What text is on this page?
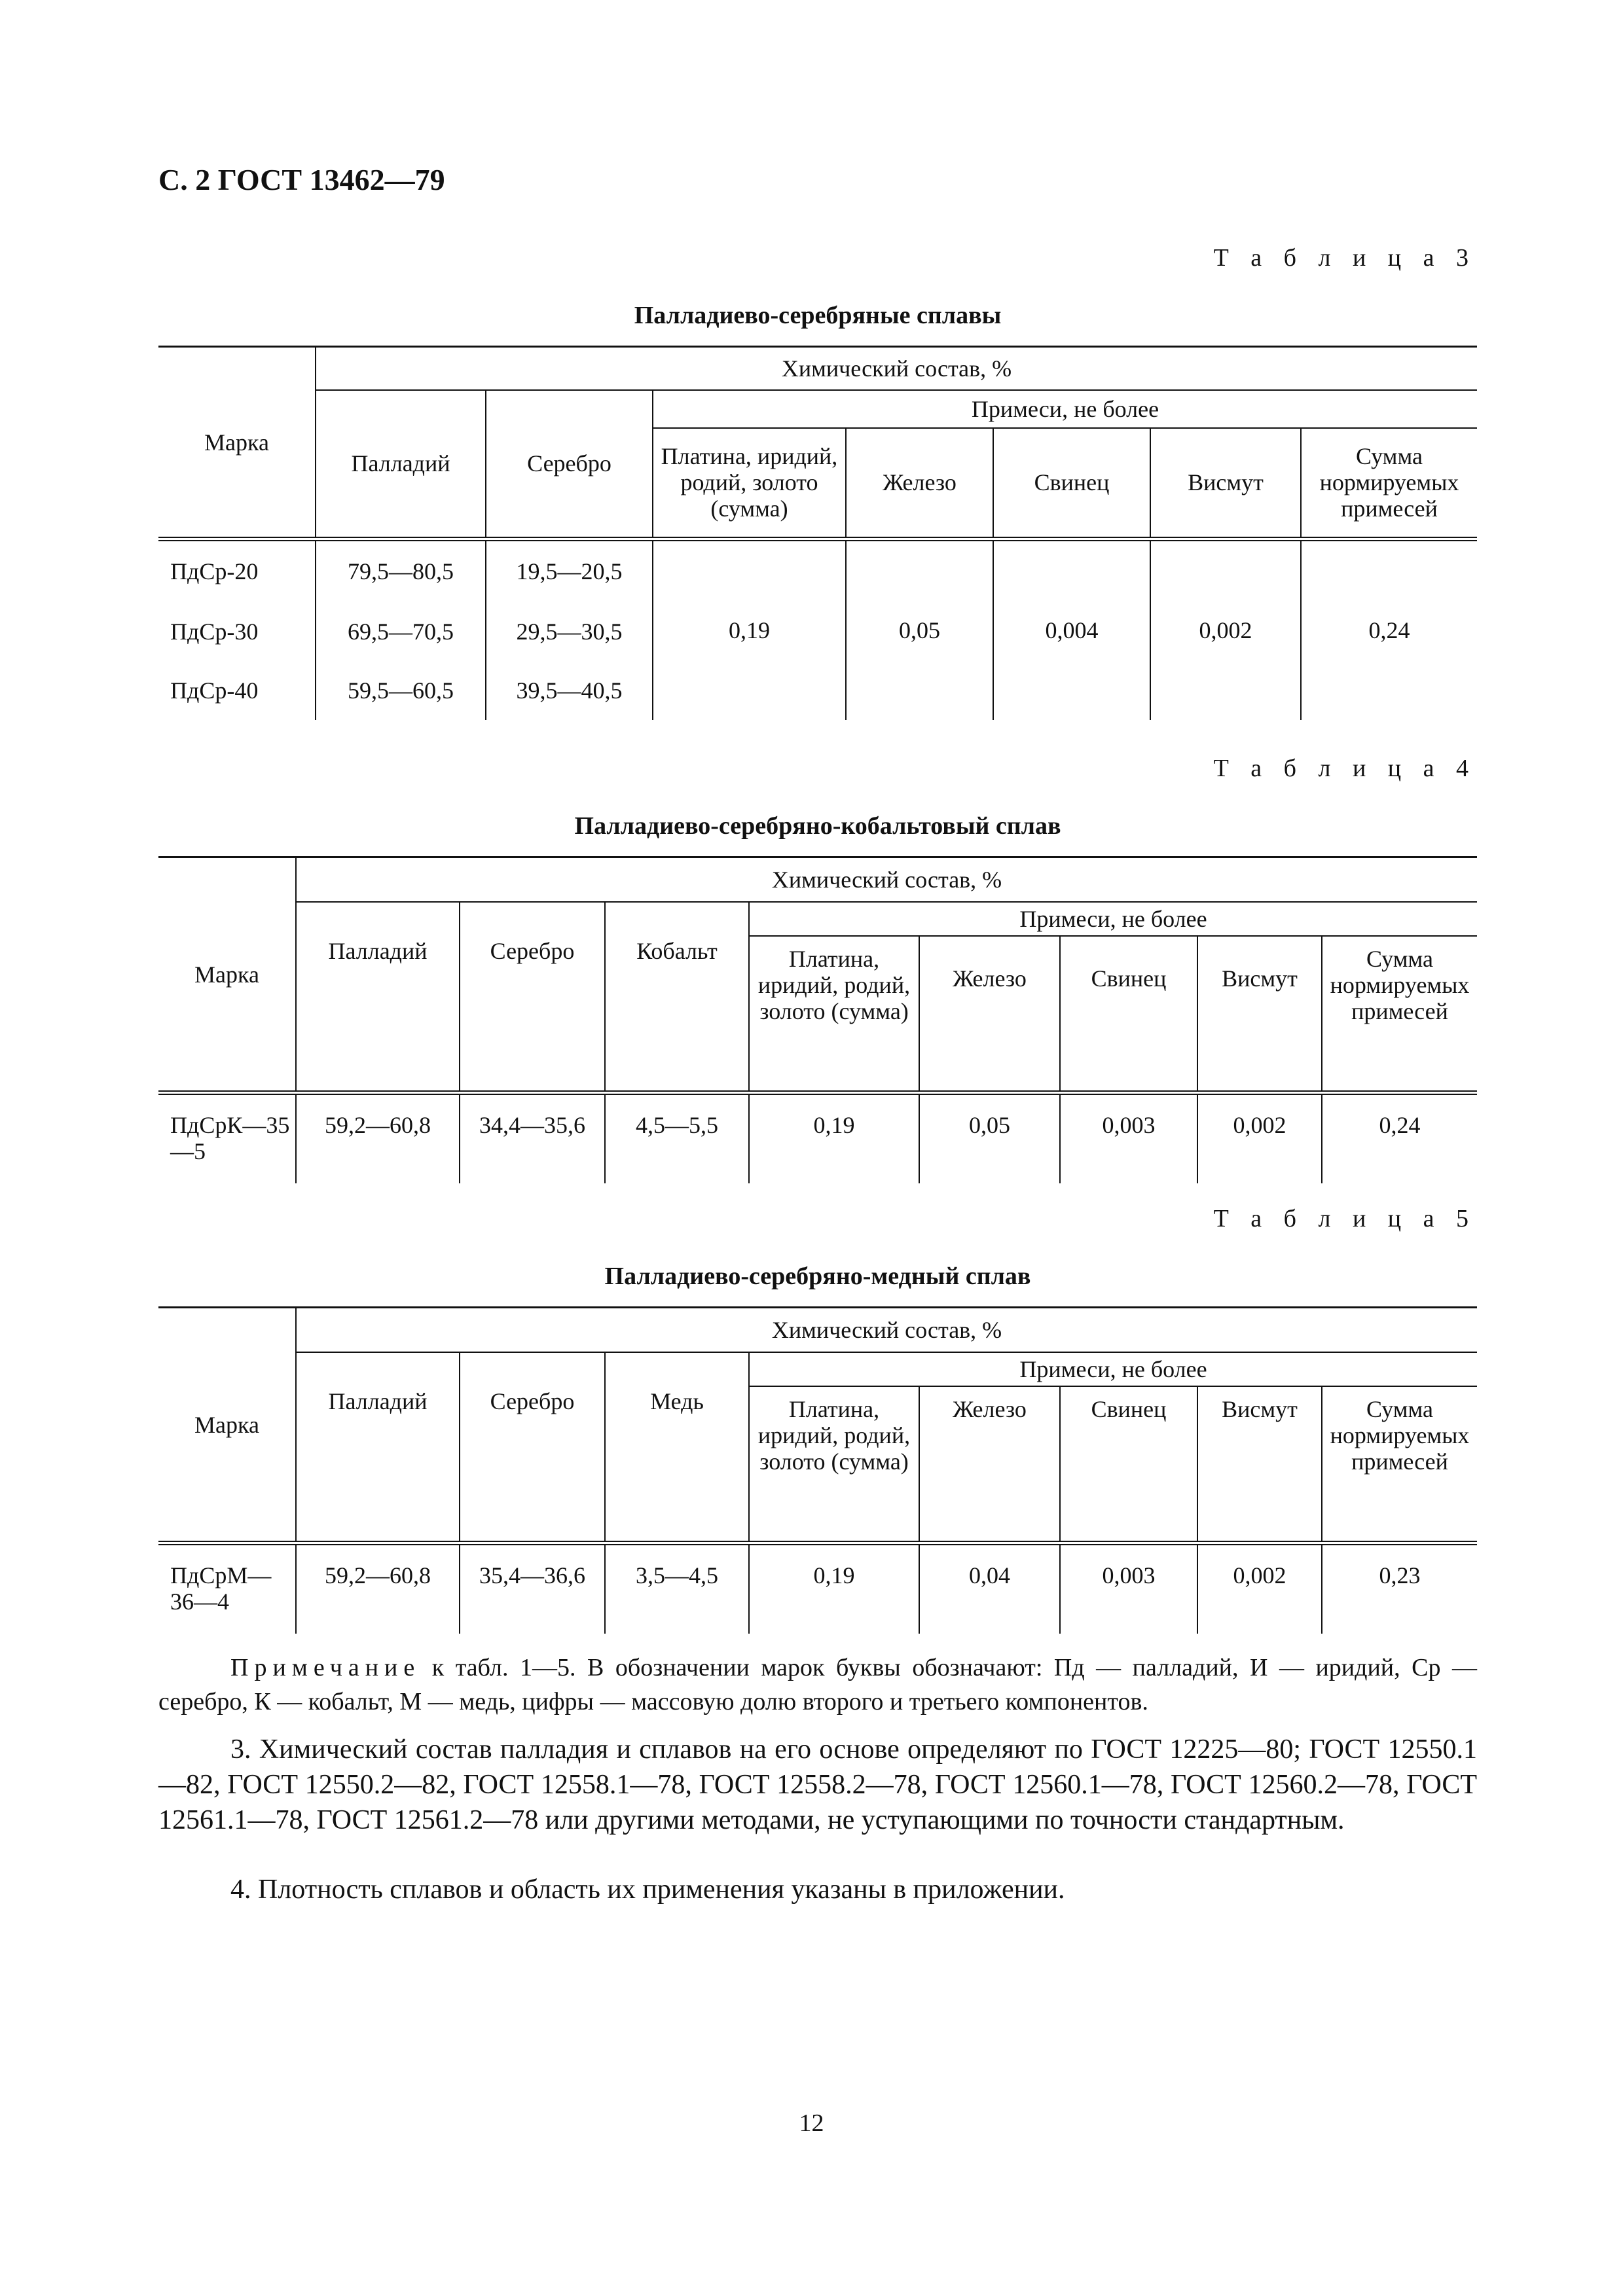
С. 2 ГОСТ 13462—79
Т а б л и ц а 3
Палладиево-серебряные сплавы
Марка	Химический состав, %						
	Палладий	Серебро	Примеси, не более				
			Платина, иридий, родий, золото (сумма)	Железо	Свинец	Висмут	Сумма нормируемых примесей
ПдСр-20	79,5—80,5	19,5—20,5	0,19	0,05	0,004	0,002	0,24
ПдСр-30	69,5—70,5	29,5—30,5					
ПдСр-40	59,5—60,5	39,5—40,5					
Т а б л и ц а 4
Палладиево-серебряно-кобальтовый сплав
Марка	Химический состав, %							
	Палладий	Серебро	Кобальт	Примеси, не более				
				Платина, иридий, родий, золото (сумма)	Железо	Свинец	Висмут	Сумма нормируемых примесей
ПдСрК—35—5	59,2—60,8	34,4—35,6	4,5—5,5	0,19	0,05	0,003	0,002	0,24
Т а б л и ц а 5
Палладиево-серебряно-медный сплав
Марка	Химический состав, %							
	Палладий	Серебро	Медь	Примеси, не более				
				Платина, иридий, родий, золото (сумма)	Железо	Свинец	Висмут	Сумма нормируемых примесей
ПдСрМ—36—4	59,2—60,8	35,4—36,6	3,5—4,5	0,19	0,04	0,003	0,002	0,23
Примечание к табл. 1—5. В обозначении марок буквы обозначают: Пд — палладий, И — иридий, Ср — серебро, К — кобальт, М — медь, цифры — массовую долю второго и третьего компонентов.
3. Химический состав палладия и сплавов на его основе определяют по ГОСТ 12225—80; ГОСТ 12550.1—82, ГОСТ 12550.2—82, ГОСТ 12558.1—78, ГОСТ 12558.2—78, ГОСТ 12560.1—78, ГОСТ 12560.2—78, ГОСТ 12561.1—78, ГОСТ 12561.2—78 или другими методами, не уступающими по точности стандартным.
4. Плотность сплавов и область их применения указаны в приложении.
12
